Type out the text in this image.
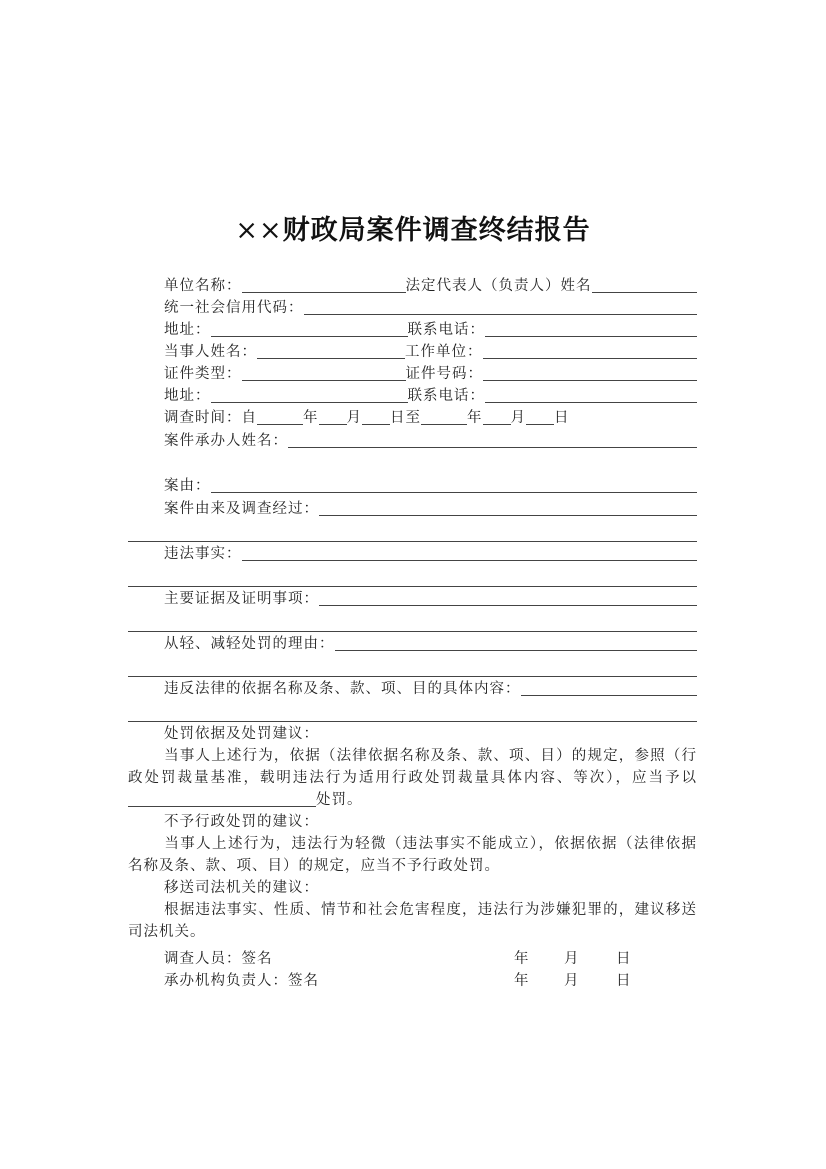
××财政局案件调查终结报告
单位名称：	法定代表人（负责人）姓名
统一社会信用代码：
地址：	联系电话：
当事人姓名：	工作单位：
证件类型：	证件号码：
地址：	联系电话：
调查时间：自	年 月 日至	年 月 日
案件承办人姓名：
案由：
案件由来及调查经过：
违法事实：
主要证据及证明事项：
从轻、减轻处罚的理由：
违反法律的依据名称及条、款、项、目的具体内容：
处罚依据及处罚建议：
当事人上述行为，依据（法律依据名称及条、款、项、目）的规定，参照（行政处罚裁量基准，载明违法行为适用行政处罚裁量具体内容、等次），应当予以处罚。
不予行政处罚的建议：
当事人上述行为，违法行为轻微（违法事实不能成立），依据依据（法律依据名称及条、款、项、目）的规定，应当不予行政处罚。
移送司法机关的建议：
根据违法事实、性质、情节和社会危害程度，违法行为涉嫌犯罪的，建议移送司法机关。
调查人员：签名	年 月	日
承办机构负责人：签名	年 月	日
